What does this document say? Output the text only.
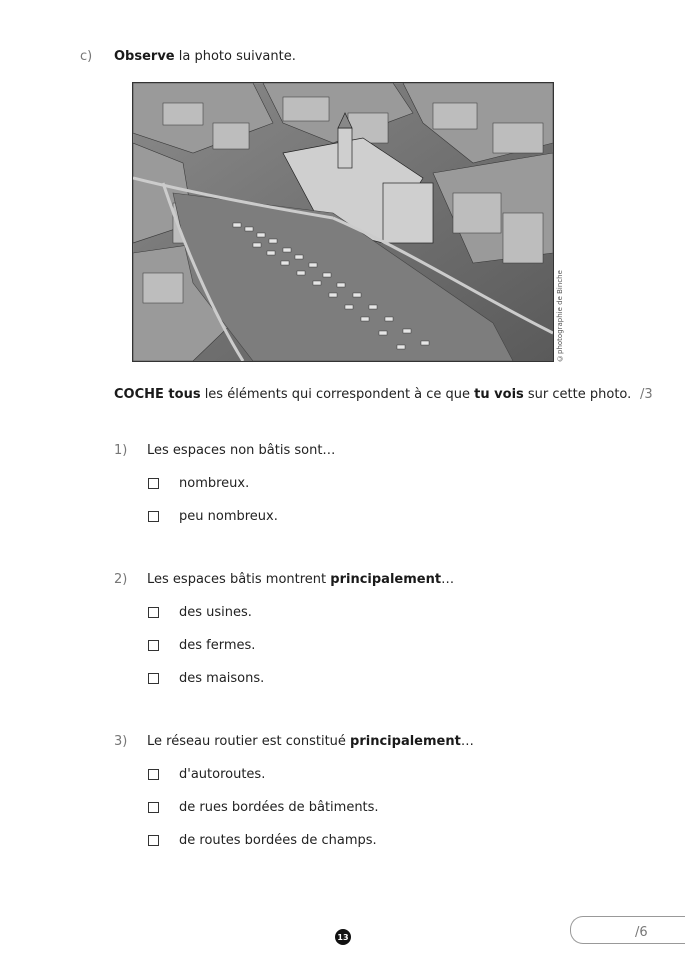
c) Observe la photo suivante.
©photographie de Binche
COCHE tous les éléments qui correspondent à ce que tu vois sur cette photo. /3
1) Les espaces non bâtis sont…
nombreux.
peu nombreux.
2) Les espaces bâtis montrent principalement…
des usines.
des fermes.
des maisons.
3) Le réseau routier est constitué principalement…
d'autoroutes.
de rues bordées de bâtiments.
de routes bordées de champs.
/6
13
